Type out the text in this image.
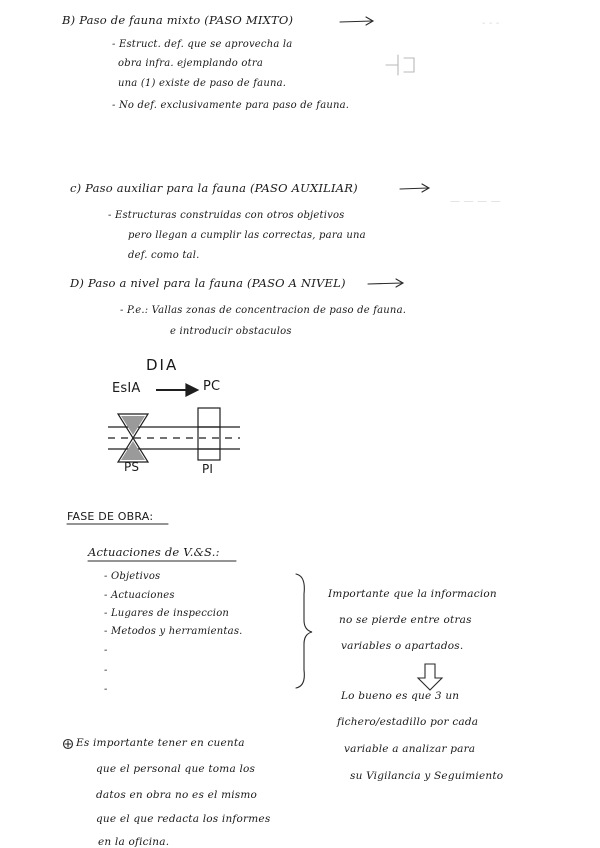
- - -
— — — —
B) Paso de fauna mixto (PASO MIXTO)
- Estruct. def. que se aprovecha la
obra infra. ejemplando otra
una (1) existe de paso de fauna.
- No def. exclusivamente para paso de fauna.
c) Paso auxiliar para la fauna (PASO AUXILIAR)
- Estructuras construidas con otros objetivos
pero llegan a cumplir las correctas, para una
def. como tal.
D) Paso a nivel para la fauna (PASO A NIVEL)
- P.e.: Vallas zonas de concentracion de paso de fauna.
e introducir obstaculos
DIA
EsIA	PC
PS	PI
FASE DE OBRA:
Actuaciones de V.&S.:
- Objetivos
- Actuaciones
- Lugares de inspeccion
- Metodos y herramientas.
-
-
-
Importante que la informacion
no se pierde entre otras
variables o apartados.
Lo bueno es que 3 un
fichero/estadillo por cada
variable a analizar para
su Vigilancia y Seguimiento
Es importante tener en cuenta
que el personal que toma los
datos en obra no es el mismo
que el que redacta los informes
en la oficina.
